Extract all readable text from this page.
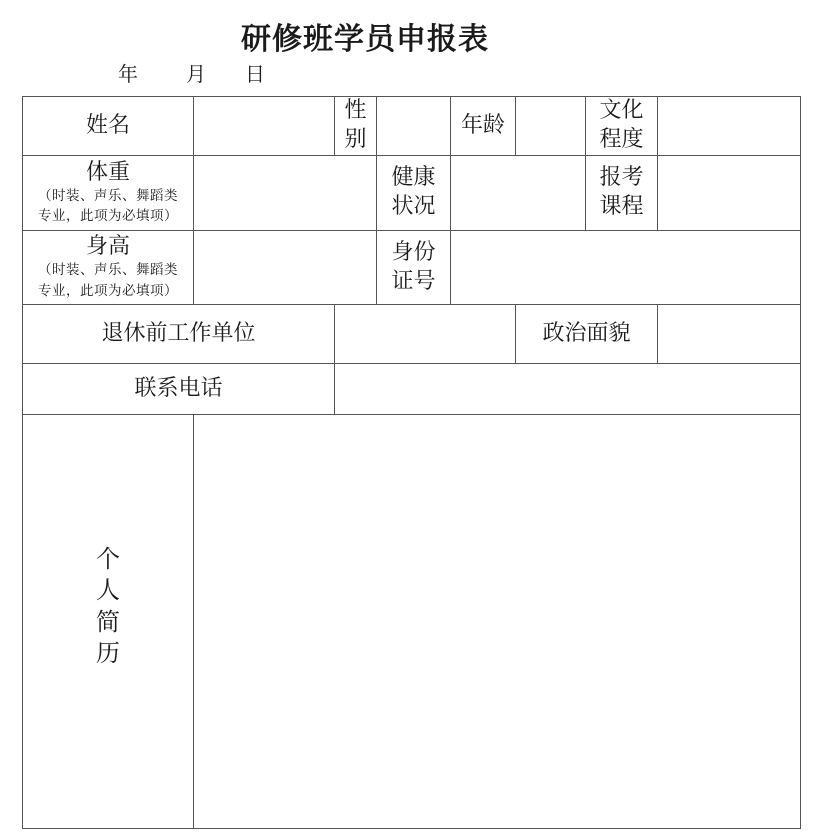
研修班学员申报表
年 月 日
姓名
性
别
年龄
文化
程度
体重
（时装、声乐、舞蹈类
专业，此项为必填项）
健康
状况
报考
课程
身高
（时装、声乐、舞蹈类
专业，此项为必填项）
身份
证号
退休前工作单位	政治面貌
联系电话
个
人
简
历
